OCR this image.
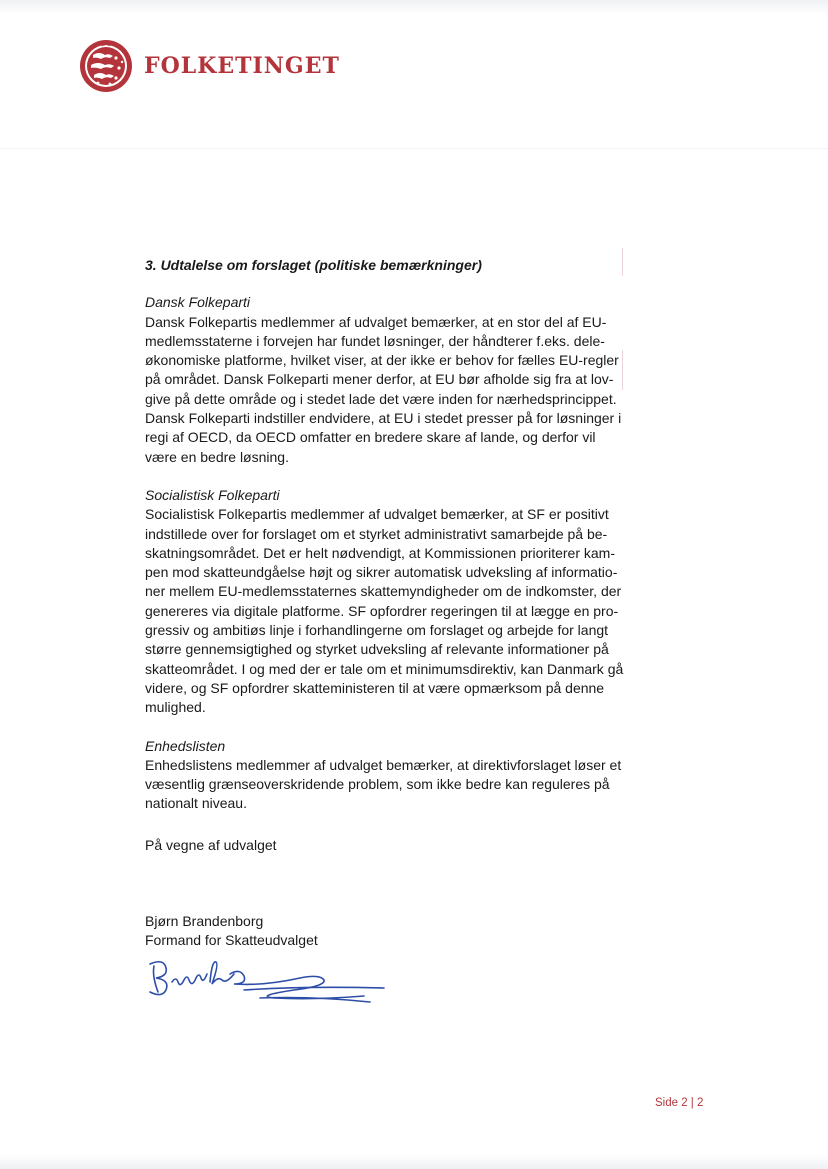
FOLKETINGET

3. Udtalelse om forslaget (politiske bemærkninger)

Dansk Folkeparti
Dansk Folkepartis medlemmer af udvalget bemærker, at en stor del af EU-
medlemsstaterne i forvejen har fundet løsninger, der håndterer f.eks. dele-
økonomiske platforme, hvilket viser, at der ikke er behov for fælles EU-regler
på området. Dansk Folkeparti mener derfor, at EU bør afholde sig fra at lov-
give på dette område og i stedet lade det være inden for nærhedsprincippet.
Dansk Folkeparti indstiller endvidere, at EU i stedet presser på for løsninger i
regi af OECD, da OECD omfatter en bredere skare af lande, og derfor vil
være en bedre løsning.
Socialistisk Folkeparti
Socialistisk Folkepartis medlemmer af udvalget bemærker, at SF er positivt
indstillede over for forslaget om et styrket administrativt samarbejde på be-
skatningsområdet. Det er helt nødvendigt, at Kommissionen prioriterer kam-
pen mod skatteundgåelse højt og sikrer automatisk udveksling af informatio-
ner mellem EU-medlemsstaternes skattemyndigheder om de indkomster, der
genereres via digitale platforme. SF opfordrer regeringen til at lægge en pro-
gressiv og ambitiøs linje i forhandlingerne om forslaget og arbejde for langt
større gennemsigtighed og styrket udveksling af relevante informationer på
skatteområdet. I og med der er tale om et minimumsdirektiv, kan Danmark gå
videre, og SF opfordrer skatteministeren til at være opmærksom på denne
mulighed.
Enhedslisten
Enhedslistens medlemmer af udvalget bemærker, at direktivforslaget løser et
væsentlig grænseoverskridende problem, som ikke bedre kan reguleres på
nationalt niveau.
På vegne af udvalget
Bjørn Brandenborg
Formand for Skatteudvalget
Side 2 | 2
